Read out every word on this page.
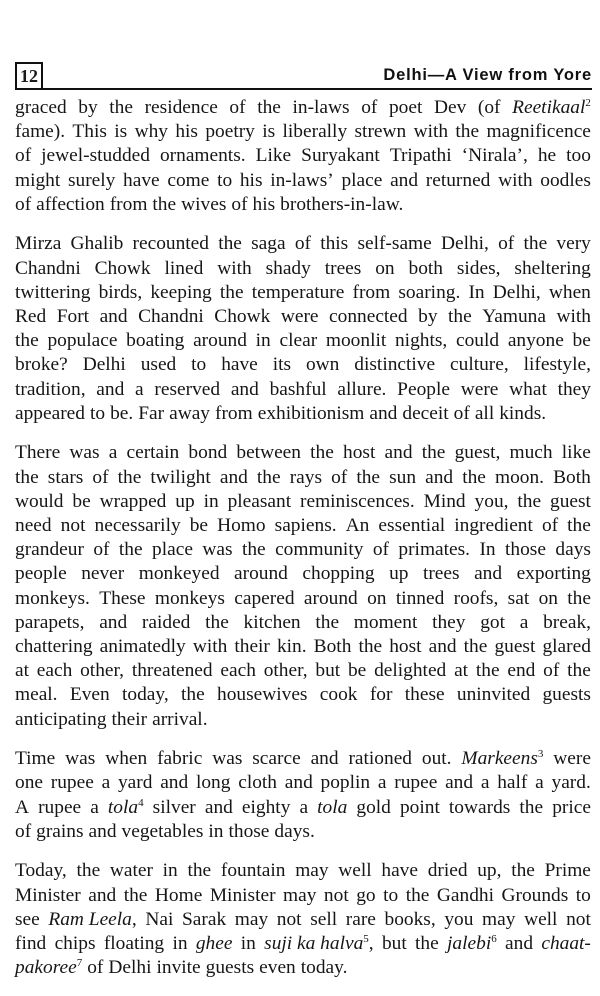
12	Delhi—A View from Yore
graced by the residence of the in-laws of poet Dev (of Reetikaal$^2$
fame). This is why his poetry is liberally strewn with the magnificence
of jewel-studded ornaments. Like Suryakant Tripathi ‘Nirala’, he too
might surely have come to his in-laws’ place and returned with oodles
of affection from the wives of his brothers-in-law.
Mirza Ghalib recounted the saga of this self-same Delhi, of the very
Chandni Chowk lined with shady trees on both sides, sheltering
twittering birds, keeping the temperature from soaring. In Delhi, when
Red Fort and Chandni Chowk were connected by the Yamuna with
the populace boating around in clear moonlit nights, could anyone be
broke? Delhi used to have its own distinctive culture, lifestyle,
tradition, and a reserved and bashful allure. People were what they
appeared to be. Far away from exhibitionism and deceit of all kinds.
There was a certain bond between the host and the guest, much like
the stars of the twilight and the rays of the sun and the moon. Both
would be wrapped up in pleasant reminiscences. Mind you, the guest
need not necessarily be Homo sapiens. An essential ingredient of the
grandeur of the place was the community of primates. In those days
people never monkeyed around chopping up trees and exporting
monkeys. These monkeys capered around on tinned roofs, sat on the
parapets, and raided the kitchen the moment they got a break,
chattering animatedly with their kin. Both the host and the guest glared
at each other, threatened each other, but be delighted at the end of the
meal. Even today, the housewives cook for these uninvited guests
anticipating their arrival.
Time was when fabric was scarce and rationed out. Markeens$^3$ were
one rupee a yard and long cloth and poplin a rupee and a half a yard.
A rupee a tola$^4$ silver and eighty a tola gold point towards the price
of grains and vegetables in those days.
Today, the water in the fountain may well have dried up, the Prime
Minister and the Home Minister may not go to the Gandhi Grounds to
see Ram Leela, Nai Sarak may not sell rare books, you may well not
find chips floating in ghee in suji ka halva$^5$, but the jalebi$^6$ and chaat-
pakoree$^7$ of Delhi invite guests even today.
